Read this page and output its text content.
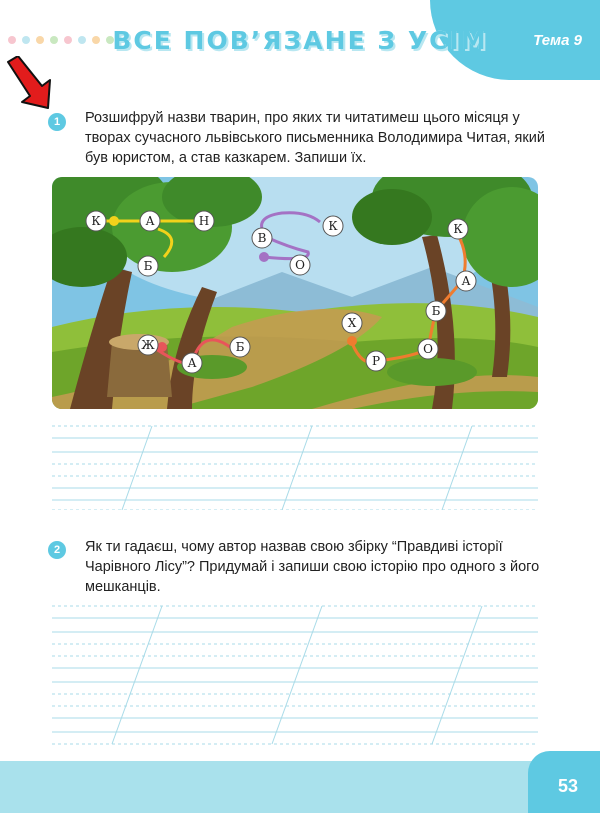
Тема 9
ВСЕ ПОВ’ЯЗАНЕ З УСІМ
1	Розшифруй назви тварин, про яких ти читатимеш цього місяця у творах сучасного львівського письменника Володимира Читая, який був юристом, а став казкарем. Запиши їх.
К	А	Н
Б
В
О
К
Ж
А
Б
Х
Р
О
Б
А
К
2	Як ти гадаєш, чому автор назвав свою збірку “Правдиві історії Чарівного Лісу”? Придумай і запиши свою історію про одного з його мешканців.
53
